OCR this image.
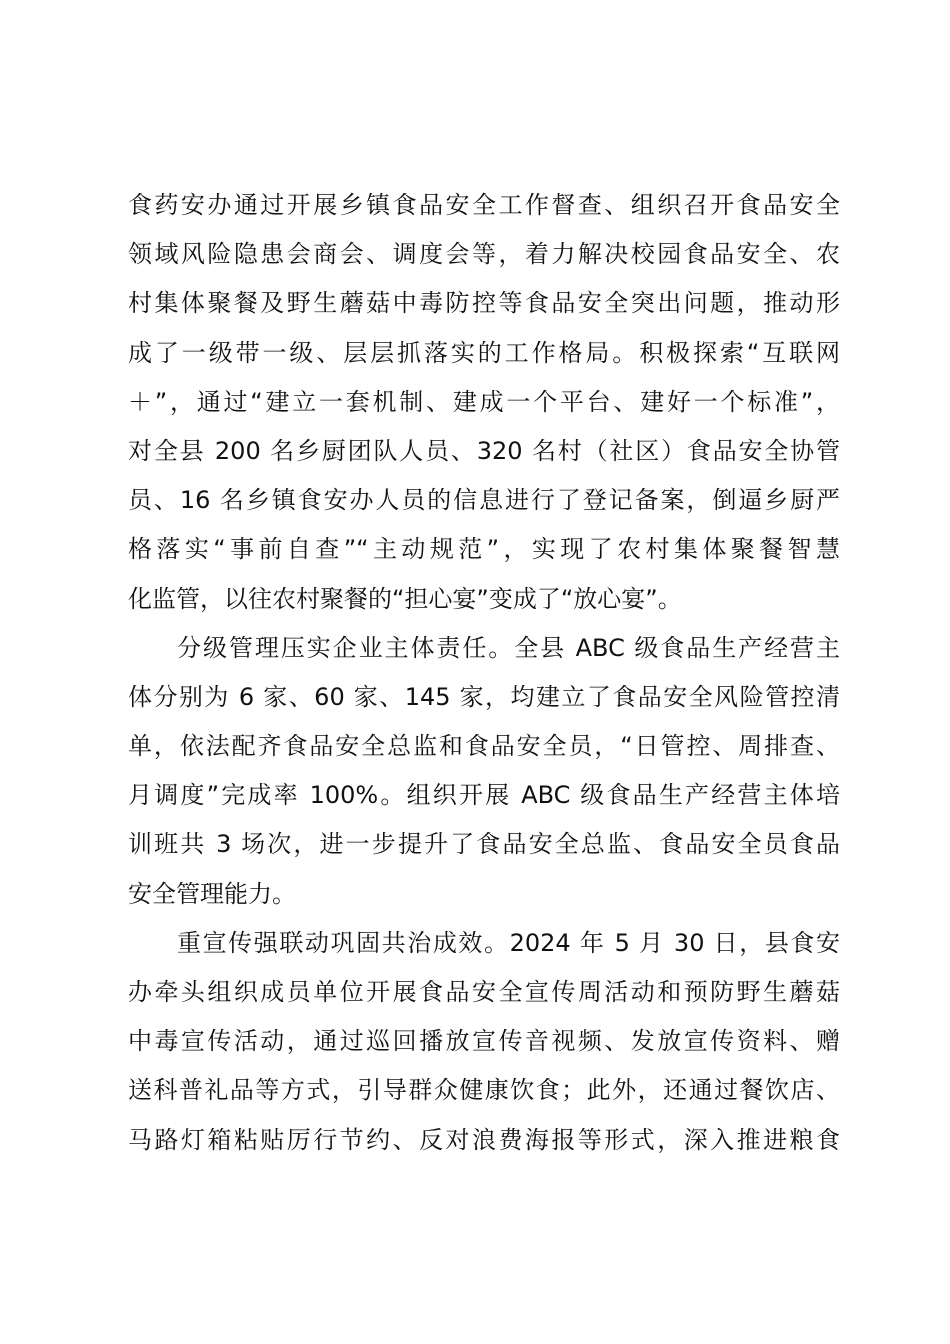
食药安办通过开展乡镇食品安全工作督查、组织召开食品安全
领域风险隐患会商会、调度会等，着力解决校园食品安全、农
村集体聚餐及野生蘑菇中毒防控等食品安全突出问题，推动形
成了一级带一级、层层抓落实的工作格局。积极探索“互联网
＋”，通过“建立一套机制、建成一个平台、建好一个标准”，
对全县 200 名乡厨团队人员、320 名村（社区）食品安全协管
员、16 名乡镇食安办人员的信息进行了登记备案，倒逼乡厨严
格落实“事前自查”“主动规范”，实现了农村集体聚餐智慧
化监管，以往农村聚餐的“担心宴”变成了“放心宴”。
分级管理压实企业主体责任。全县 ABC 级食品生产经营主
体分别为 6 家、60 家、145 家，均建立了食品安全风险管控清
单，依法配齐食品安全总监和食品安全员，“日管控、周排查、
月调度”完成率 100%。组织开展 ABC 级食品生产经营主体培
训班共 3 场次，进一步提升了食品安全总监、食品安全员食品
安全管理能力。
重宣传强联动巩固共治成效。2024 年 5 月 30 日，县食安
办牵头组织成员单位开展食品安全宣传周活动和预防野生蘑菇
中毒宣传活动，通过巡回播放宣传音视频、发放宣传资料、赠
送科普礼品等方式，引导群众健康饮食；此外，还通过餐饮店、
马路灯箱粘贴厉行节约、反对浪费海报等形式，深入推进粮食
